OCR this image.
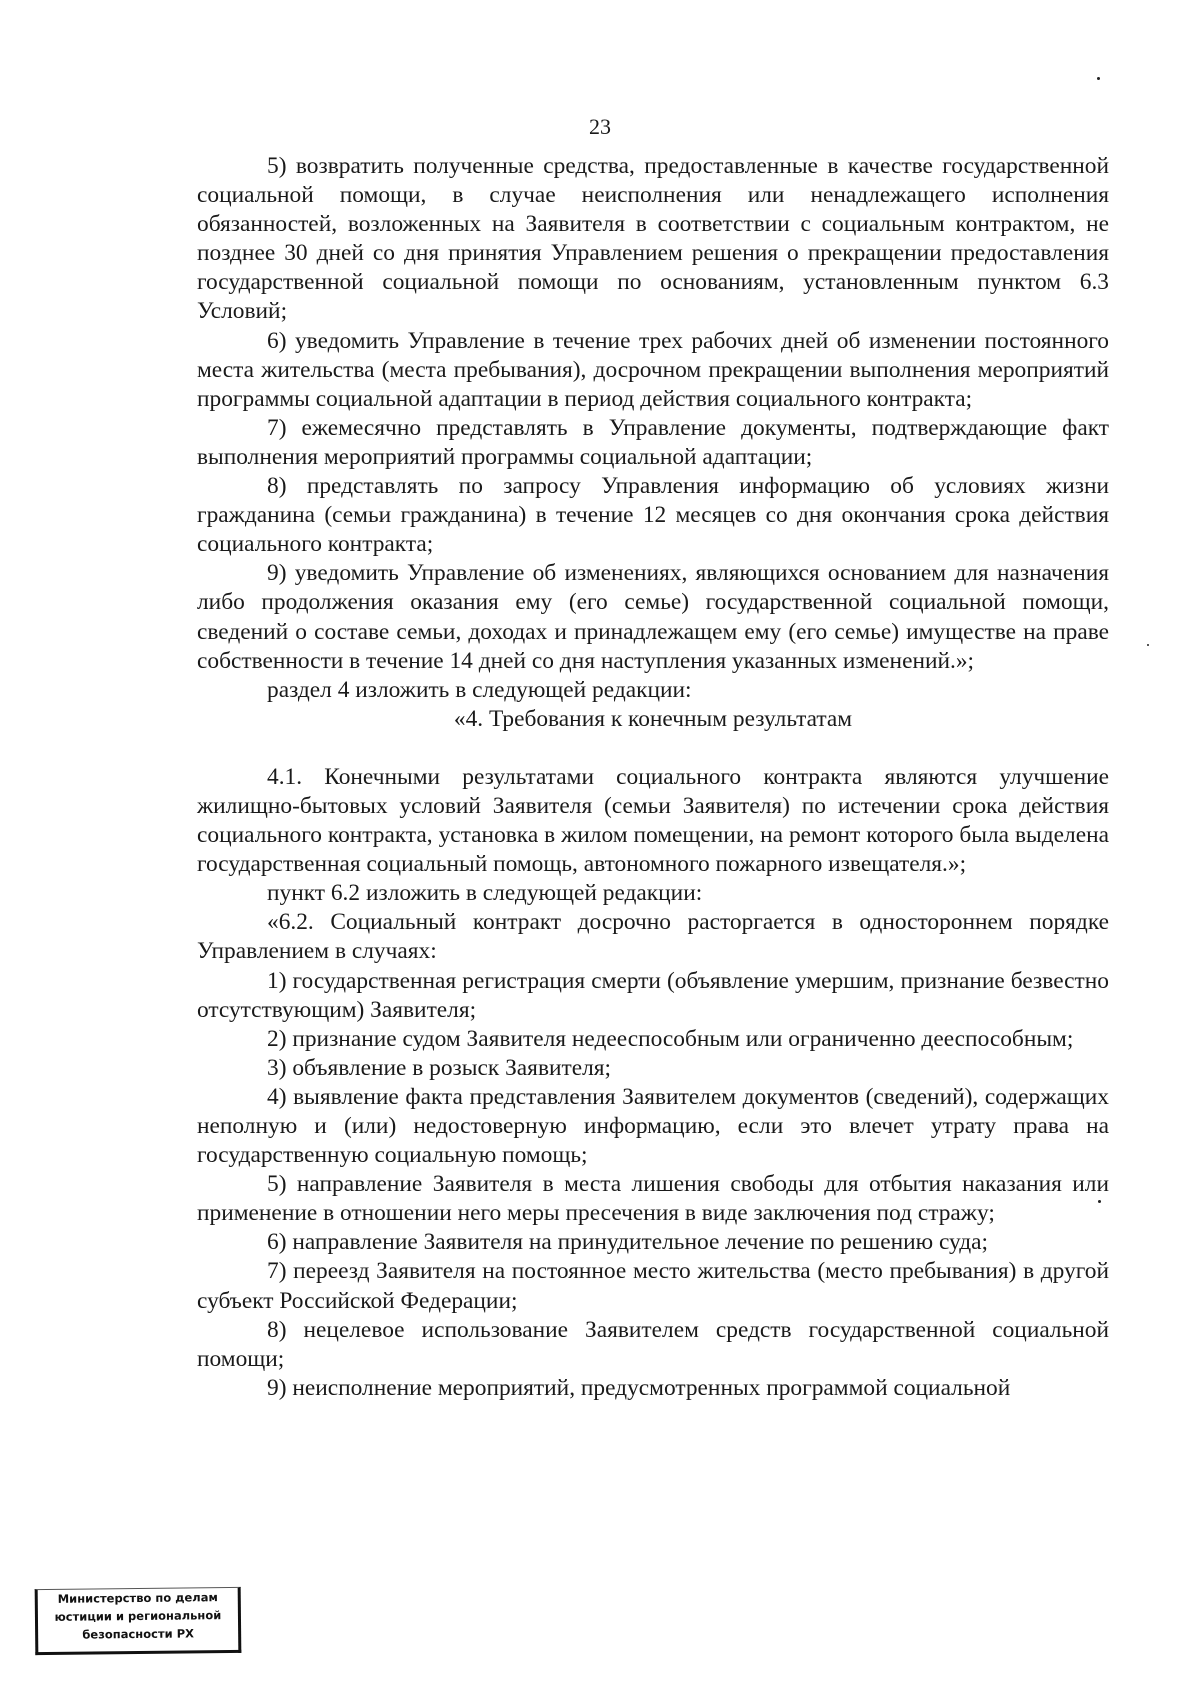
23

5) возвратить полученные средства, предоставленные в качестве государственной социальной помощи, в случае неисполнения или ненадлежащего исполнения обязанностей, возложенных на Заявителя в соответствии с социальным контрактом, не позднее 30 дней со дня принятия Управлением решения о прекращении предоставления государственной социальной помощи по основаниям, установленным пунктом 6.3 Условий;

6) уведомить Управление в течение трех рабочих дней об изменении постоянного места жительства (места пребывания), досрочном прекращении выполнения мероприятий программы социальной адаптации в период действия социального контракта;

7) ежемесячно представлять в Управление документы, подтверждающие факт выполнения мероприятий программы социальной адаптации;

8) представлять по запросу Управления информацию об условиях жизни гражданина (семьи гражданина) в течение 12 месяцев со дня окончания срока действия социального контракта;

9) уведомить Управление об изменениях, являющихся основанием для назначения либо продолжения оказания ему (его семье) государственной социальной помощи, сведений о составе семьи, доходах и принадлежащем ему (его семье) имуществе на праве собственности в течение 14 дней со дня наступления указанных изменений.»;

раздел 4 изложить в следующей редакции:

«4. Требования к конечным результатам

4.1. Конечными результатами социального контракта являются улучшение жилищно-бытовых условий Заявителя (семьи Заявителя) по истечении срока действия социального контракта, установка в жилом помещении, на ремонт которого была выделена государственная социальный помощь, автономного пожарного извещателя.»;

пункт 6.2 изложить в следующей редакции:

«6.2. Социальный контракт досрочно расторгается в одностороннем порядке Управлением в случаях:

1) государственная регистрация смерти (объявление умершим, признание безвестно отсутствующим) Заявителя;

2) признание судом Заявителя недееспособным или ограниченно дееспособным;

3) объявление в розыск Заявителя;

4) выявление факта представления Заявителем документов (сведений), содержащих неполную и (или) недостоверную информацию, если это влечет утрату права на государственную социальную помощь;

5) направление Заявителя в места лишения свободы для отбытия наказания или применение в отношении него меры пресечения в виде заключения под стражу;

6) направление Заявителя на принудительное лечение по решению суда;

7) переезд Заявителя на постоянное место жительства (место пребывания) в другой субъект Российской Федерации;

8) нецелевое использование Заявителем средств государственной социальной помощи;

9) неисполнение мероприятий, предусмотренных программой социальной

Министерство по делам
юстиции и региональной
безопасности РХ
